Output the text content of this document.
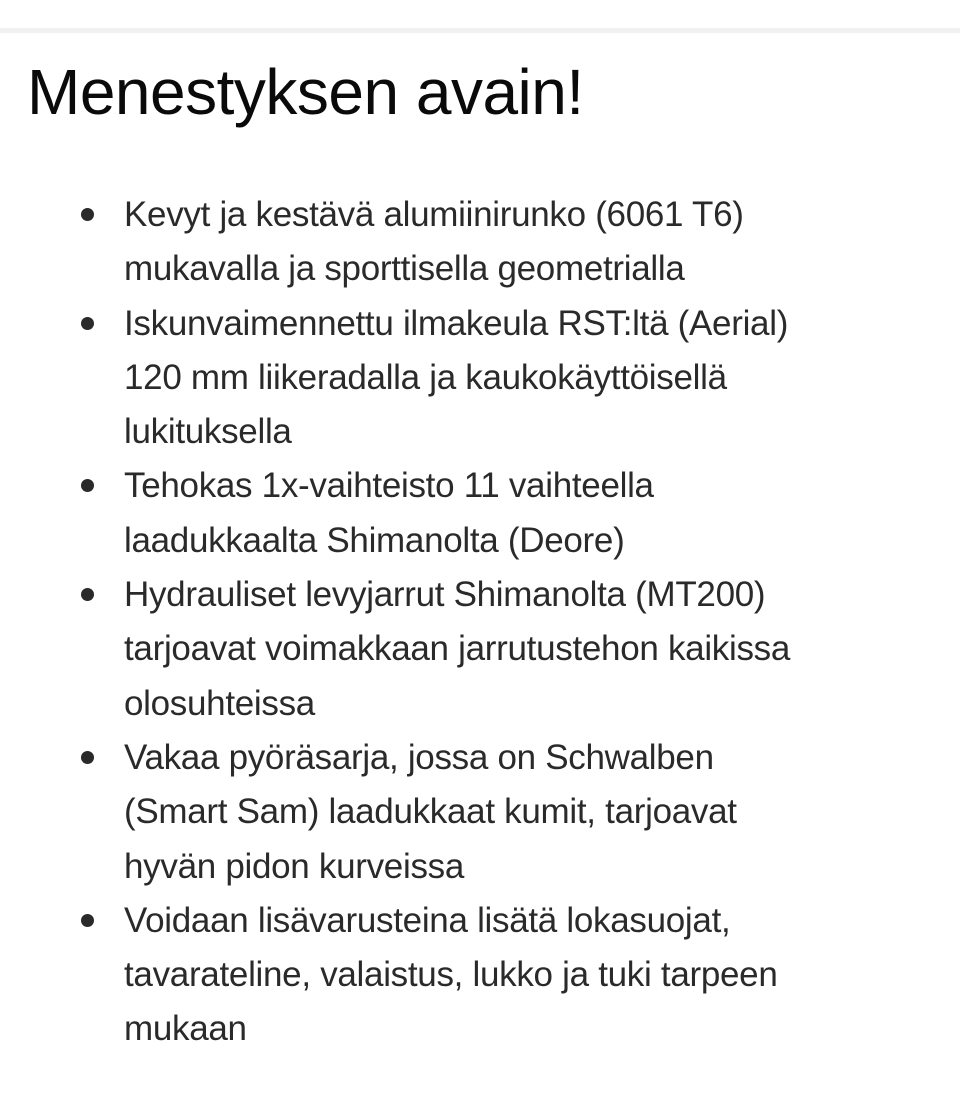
Menestyksen avain!
Kevyt ja kestävä alumiinirunko (6061 T6)
mukavalla ja sporttisella geometrialla
Iskunvaimennettu ilmakeula RST:ltä (Aerial)
120 mm liikeradalla ja kaukokäyttöisellä
lukituksella
Tehokas 1x-vaihteisto 11 vaihteella
laadukkaalta Shimanolta (Deore)
Hydrauliset levyjarrut Shimanolta (MT200)
tarjoavat voimakkaan jarrutustehon kaikissa
olosuhteissa
Vakaa pyöräsarja, jossa on Schwalben
(Smart Sam) laadukkaat kumit, tarjoavat
hyvän pidon kurveissa
Voidaan lisävarusteina lisätä lokasuojat,
tavarateline, valaistus, lukko ja tuki tarpeen
mukaan
